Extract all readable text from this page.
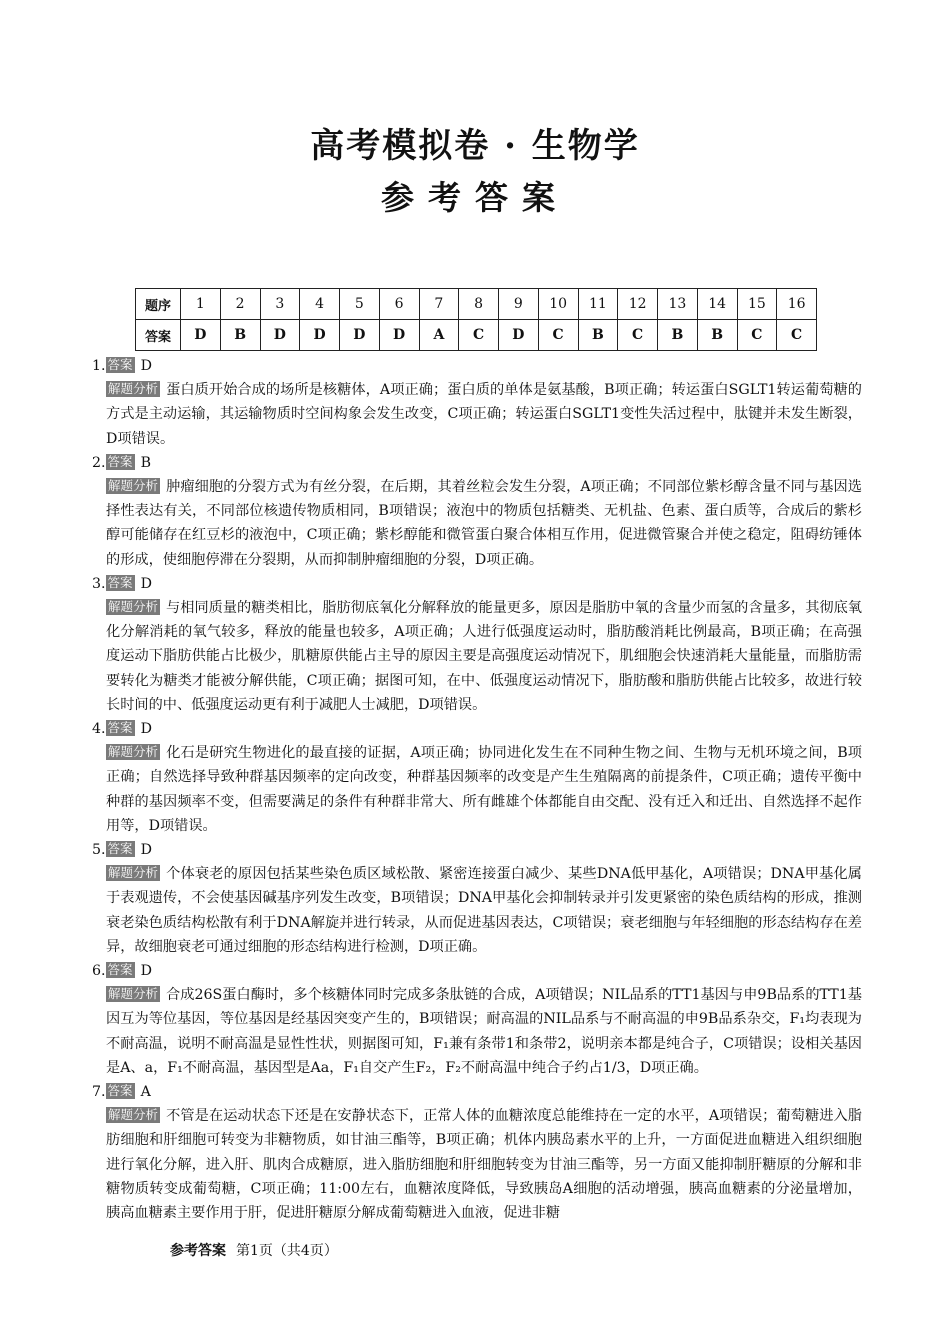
高考模拟卷 · 生物学
参考答案
题序	1	2	3	4	5	6	7	8	9	10	11	12	13	14	15	16
答案	D	B	D	D	D	D	A	C	D	C	B	C	B	B	C	C
1. 答案 D
解题分析 蛋白质开始合成的场所是核糖体，A项正确；蛋白质的单体是氨基酸，B项正确；转运蛋白SGLT1转运葡萄糖的方式是主动运输，其运输物质时空间构象会发生改变，C项正确；转运蛋白SGLT1变性失活过程中，肽键并未发生断裂，D项错误。
2. 答案 B
解题分析 肿瘤细胞的分裂方式为有丝分裂，在后期，其着丝粒会发生分裂，A项正确；不同部位紫杉醇含量不同与基因选择性表达有关，不同部位核遗传物质相同，B项错误；液泡中的物质包括糖类、无机盐、色素、蛋白质等，合成后的紫杉醇可能储存在红豆杉的液泡中，C项正确；紫杉醇能和微管蛋白聚合体相互作用，促进微管聚合并使之稳定，阻碍纺锤体的形成，使细胞停滞在分裂期，从而抑制肿瘤细胞的分裂，D项正确。
3. 答案 D
解题分析 与相同质量的糖类相比，脂肪彻底氧化分解释放的能量更多，原因是脂肪中氧的含量少而氢的含量多，其彻底氧化分解消耗的氧气较多，释放的能量也较多，A项正确；人进行低强度运动时，脂肪酸消耗比例最高，B项正确；在高强度运动下脂肪供能占比极少，肌糖原供能占主导的原因主要是高强度运动情况下，肌细胞会快速消耗大量能量，而脂肪需要转化为糖类才能被分解供能，C项正确；据图可知，在中、低强度运动情况下，脂肪酸和脂肪供能占比较多，故进行较长时间的中、低强度运动更有利于减肥人士减肥，D项错误。
4. 答案 D
解题分析 化石是研究生物进化的最直接的证据，A项正确；协同进化发生在不同种生物之间、生物与无机环境之间，B项正确；自然选择导致种群基因频率的定向改变，种群基因频率的改变是产生生殖隔离的前提条件，C项正确；遗传平衡中种群的基因频率不变，但需要满足的条件有种群非常大、所有雌雄个体都能自由交配、没有迁入和迁出、自然选择不起作用等，D项错误。
5. 答案 D
解题分析 个体衰老的原因包括某些染色质区域松散、紧密连接蛋白减少、某些DNA低甲基化，A项错误；DNA甲基化属于表观遗传，不会使基因碱基序列发生改变，B项错误；DNA甲基化会抑制转录并引发更紧密的染色质结构的形成，推测衰老染色质结构松散有利于DNA解旋并进行转录，从而促进基因表达，C项错误；衰老细胞与年轻细胞的形态结构存在差异，故细胞衰老可通过细胞的形态结构进行检测，D项正确。
6. 答案 D
解题分析 合成26S蛋白酶时，多个核糖体同时完成多条肽链的合成，A项错误；NIL品系的TT1基因与申9B品系的TT1基因互为等位基因，等位基因是经基因突变产生的，B项错误；耐高温的NIL品系与不耐高温的申9B品系杂交，F₁均表现为不耐高温，说明不耐高温是显性性状，则据图可知，F₁兼有条带1和条带2，说明亲本都是纯合子，C项错误；设相关基因是A、a，F₁不耐高温，基因型是Aa，F₁自交产生F₂，F₂不耐高温中纯合子约占1/3，D项正确。
7. 答案 A
解题分析 不管是在运动状态下还是在安静状态下，正常人体的血糖浓度总能维持在一定的水平，A项错误；葡萄糖进入脂肪细胞和肝细胞可转变为非糖物质，如甘油三酯等，B项正确；机体内胰岛素水平的上升，一方面促进血糖进入组织细胞进行氧化分解，进入肝、肌肉合成糖原，进入脂肪细胞和肝细胞转变为甘油三酯等，另一方面又能抑制肝糖原的分解和非糖物质转变成葡萄糖，C项正确；11:00左右，血糖浓度降低，导致胰岛A细胞的活动增强，胰高血糖素的分泌量增加，胰高血糖素主要作用于肝，促进肝糖原分解成葡萄糖进入血液，促进非糖
参考答案 第1页（共4页）
